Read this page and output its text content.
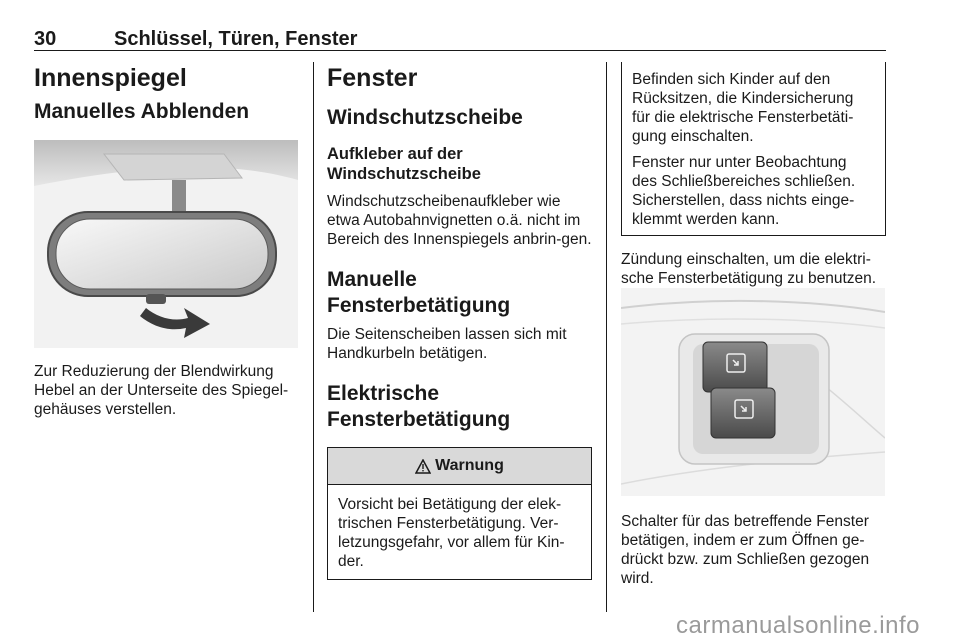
30	Schlüssel, Türen, Fenster
Innenspiegel
Manuelles Abblenden

Zur Reduzierung der Blendwirkung Hebel an der Unterseite des Spiegel-gehäuses verstellen.

Fenster
Windschutzscheibe
Aufkleber auf der Windschutzscheibe

Windschutzscheibenaufkleber wie etwa Autobahnvignetten o.ä. nicht im Bereich des Innenspiegels anbrin-gen.

Manuelle Fensterbetätigung

Die Seitenscheiben lassen sich mit Handkurbeln betätigen.

Elektrische Fensterbetätigung
Warnung
Vorsicht bei Betätigung der elek-trischen Fensterbetätigung. Ver-letzungsgefahr, vor allem für Kin-der.

Befinden sich Kinder auf den Rücksitzen, die Kindersicherung für die elektrische Fensterbetäti-gung einschalten.

Fenster nur unter Beobachtung des Schließbereiches schließen. Sicherstellen, dass nichts einge-klemmt werden kann.

Zündung einschalten, um die elektri-sche Fensterbetätigung zu benutzen.

Schalter für das betreffende Fenster betätigen, indem er zum Öffnen ge-drückt bzw. zum Schließen gezogen wird.

carmanualsonline.info
